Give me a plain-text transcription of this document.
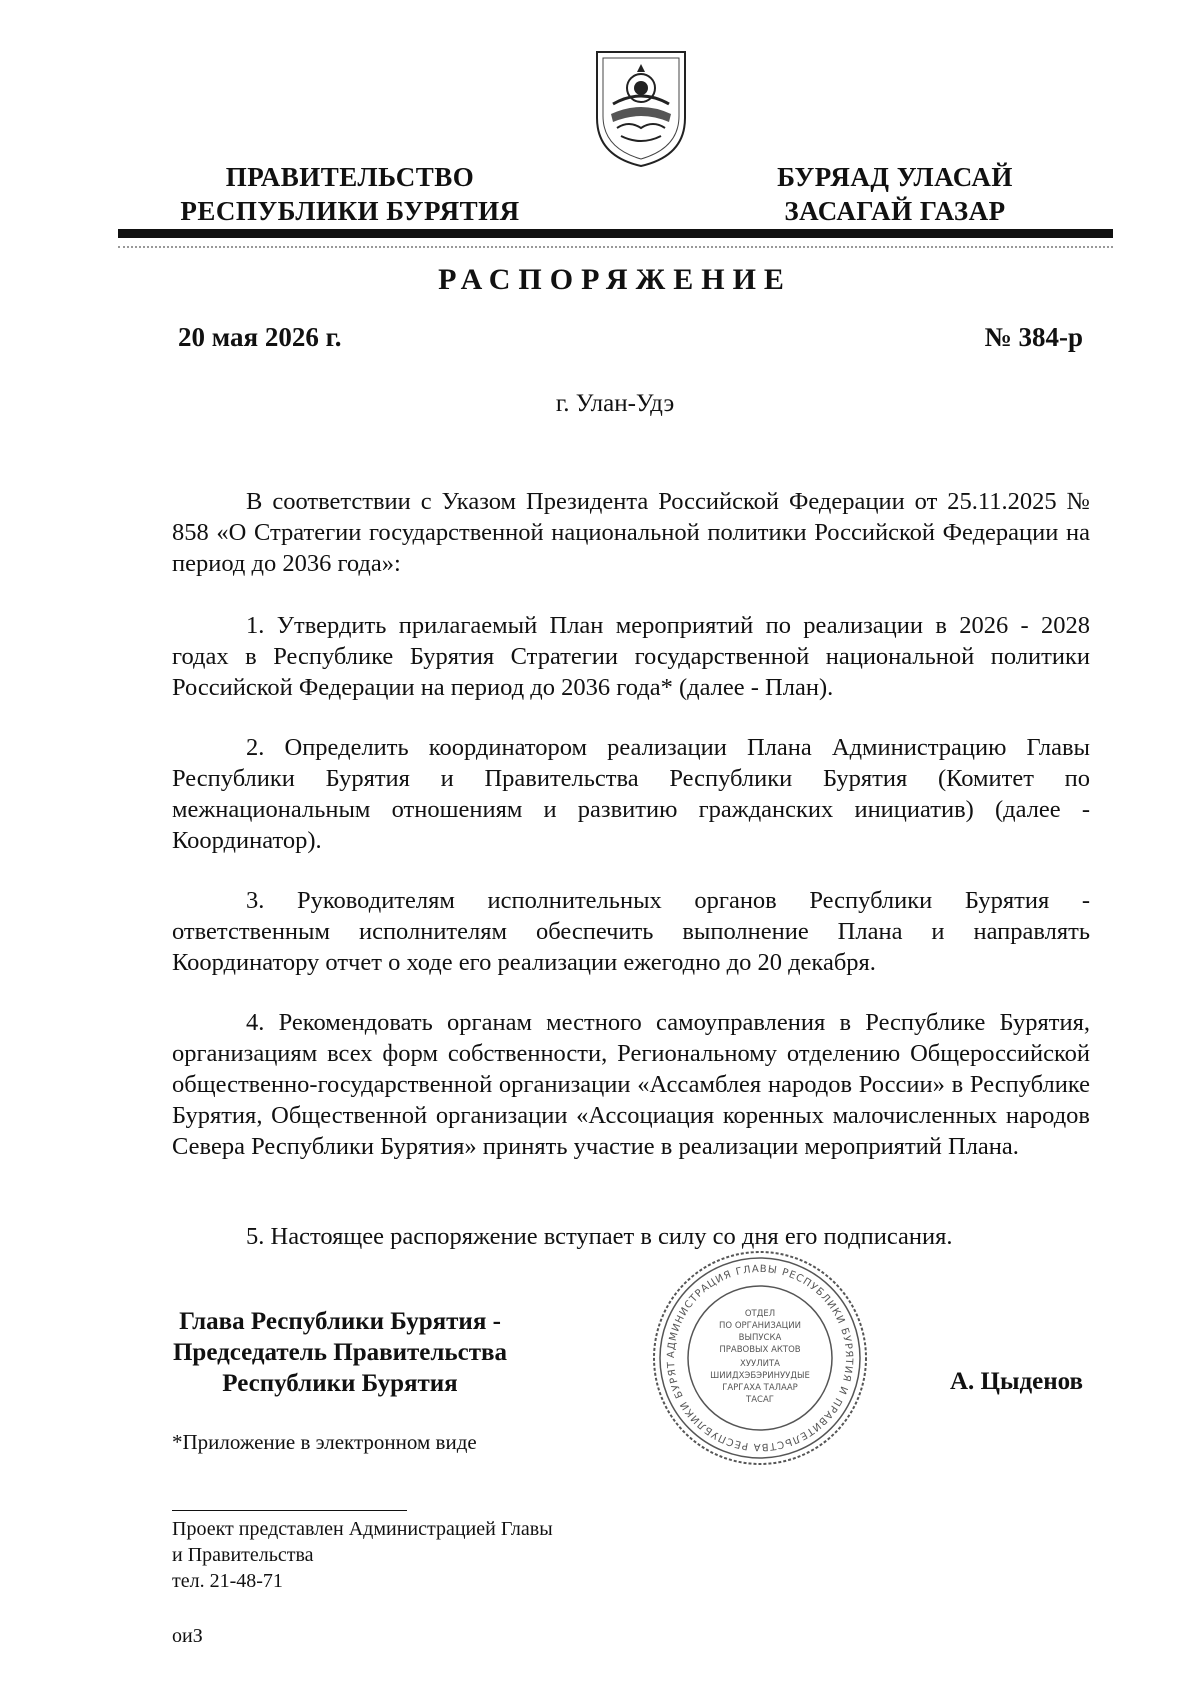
ПРАВИТЕЛЬСТВО
РЕСПУБЛИКИ БУРЯТИЯ
БУРЯАД УЛАСАЙ
ЗАСАГАЙ ГАЗАР
РАСПОРЯЖЕНИЕ
20 мая 2026 г.	№ 384-р
г. Улан-Удэ

В соответствии с Указом Президента Российской Федерации от 25.11.2025 № 858 «О Стратегии государственной национальной политики Российской Федерации на период до 2036 года»:

1. Утвердить прилагаемый План мероприятий по реализации в 2026 - 2028 годах в Республике Бурятия Стратегии государственной национальной политики Российской Федерации на период до 2036 года* (далее - План).

2. Определить координатором реализации Плана Администрацию Главы Республики Бурятия и Правительства Республики Бурятия (Комитет по межнациональным отношениям и развитию гражданских инициатив) (далее - Координатор).

3. Руководителям исполнительных органов Республики Бурятия - ответственным исполнителям обеспечить выполнение Плана и направлять Координатору отчет о ходе его реализации ежегодно до 20 декабря.

4. Рекомендовать органам местного самоуправления в Республике Бурятия, организациям всех форм собственности, Региональному отделению Общероссийской общественно-государственной организации «Ассамблея народов России» в Республике Бурятия, Общественной организации «Ассоциация коренных малочисленных народов Севера Республики Бурятия» принять участие в реализации мероприятий Плана.

5. Настоящее распоряжение вступает в силу со дня его подписания.

Глава Республики Бурятия -
Председатель Правительства
Республики Бурятия
АДМИНИСТРАЦИЯ ГЛАВЫ РЕСПУБЛИКИ БУРЯТИЯ И ПРАВИТЕЛЬСТВА РЕСПУБЛИКИ БУРЯТ
ОТДЕЛ
ПО ОРГАНИЗАЦИИ
ВЫПУСКА
ПРАВОВЫХ АКТОВ
ХУУЛИТА
ШИИДХЭБЭРИНУУДЫЕ
ГАРГАХА ТАЛААР
ТАСАГ
А. Цыденов
*Приложение в электронном виде
Проект представлен Администрацией Главы
и Правительства
тел. 21-48-71
оиЗ
